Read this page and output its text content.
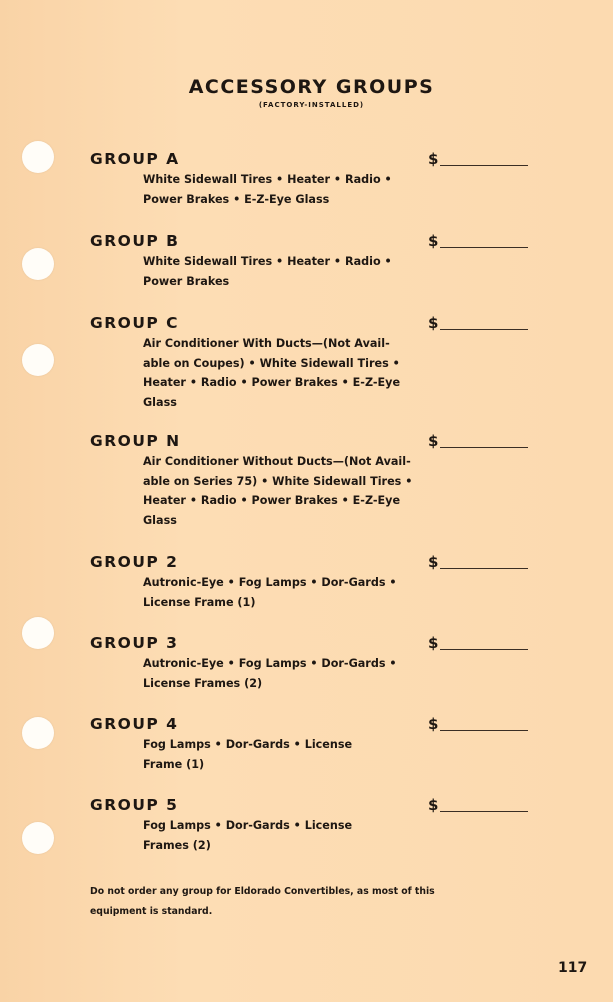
ACCESSORY GROUPS
(FACTORY-INSTALLED)
GROUP A	$
White Sidewall Tires • Heater • Radio •
Power Brakes • E-Z-Eye Glass
GROUP B	$
White Sidewall Tires • Heater • Radio •
Power Brakes
GROUP C	$
Air Conditioner With Ducts—(Not Avail-
able on Coupes) • White Sidewall Tires •
Heater • Radio • Power Brakes • E-Z-Eye
Glass
GROUP N	$
Air Conditioner Without Ducts—(Not Avail-
able on Series 75) • White Sidewall Tires •
Heater • Radio • Power Brakes • E-Z-Eye
Glass
GROUP 2	$
Autronic-Eye • Fog Lamps • Dor-Gards •
License Frame (1)
GROUP 3	$
Autronic-Eye • Fog Lamps • Dor-Gards •
License Frames (2)
GROUP 4	$
Fog Lamps • Dor-Gards • License
Frame (1)
GROUP 5	$
Fog Lamps • Dor-Gards • License
Frames (2)
Do not order any group for Eldorado Convertibles, as most of this
equipment is standard.
117
